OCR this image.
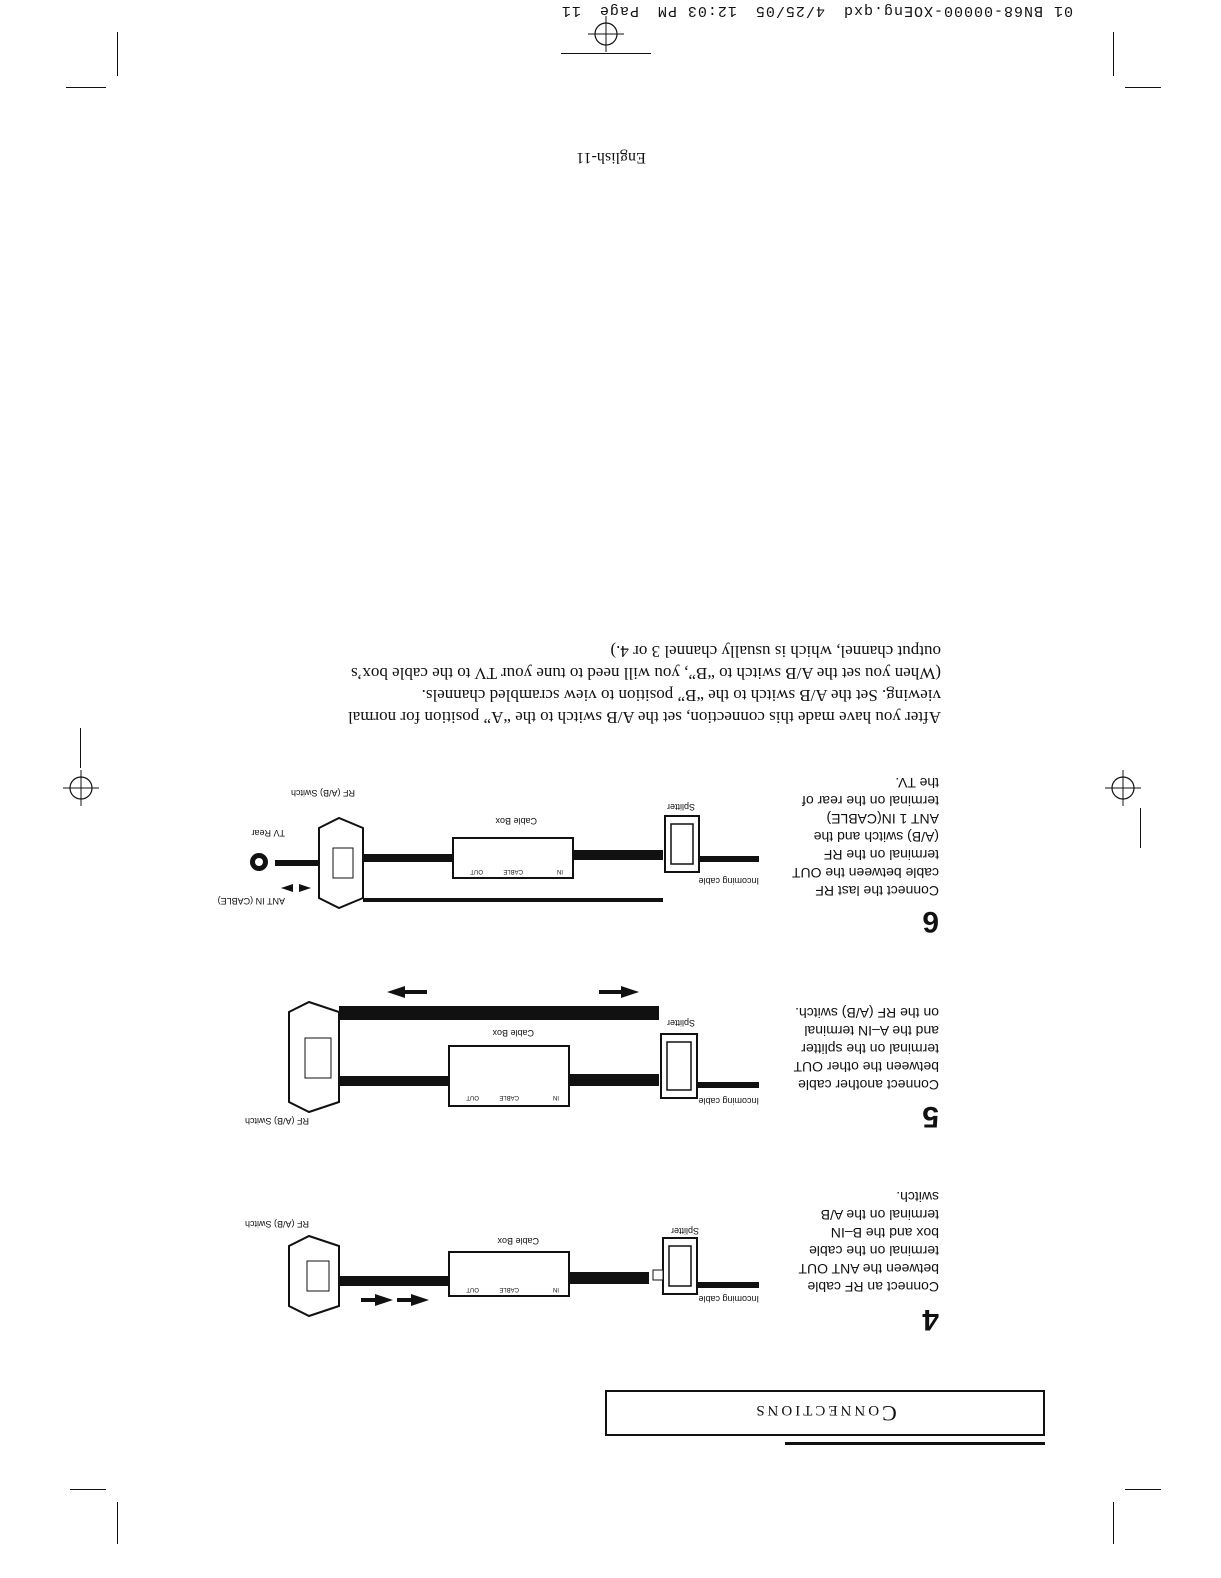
01 BN68-00000-XOEng.qxd4/25/0512:03 PMPage11

Connections
4
Connect an RF cable between the ANT OUT terminal on the cable box and the B–IN terminal on the A/B switch.
Incoming cable
Splitter
IN
CABLE
OUT
Cable Box
RF (A/B) Switch
5
Connect another cable between the other OUT terminal on the splitter and the A–IN terminal on the RF (A/B) switch.
Incoming cable
Splitter
IN
CABLE
OUT
Cable Box
RF (A/B) Switch
6
Connect the last RF cable between the OUT terminal on the RF (A/B) switch and the ANT 1 IN(CABLE) terminal on the rear of the TV.
Incoming cable
Splitter
IN
CABLE
OUT
Cable Box
RF (A/B) Switch
ANT IN (CABLE)
TV Rear

After you have made this connection, set the A/B switch to the “A” position for normal

viewing. Set the A/B switch to the “B” position to view scrambled channels.

(When you set the A/B switch to “B”, you will need to tune your TV to the cable box’s

output channel, which is usually channel 3 or 4.)

English-11
